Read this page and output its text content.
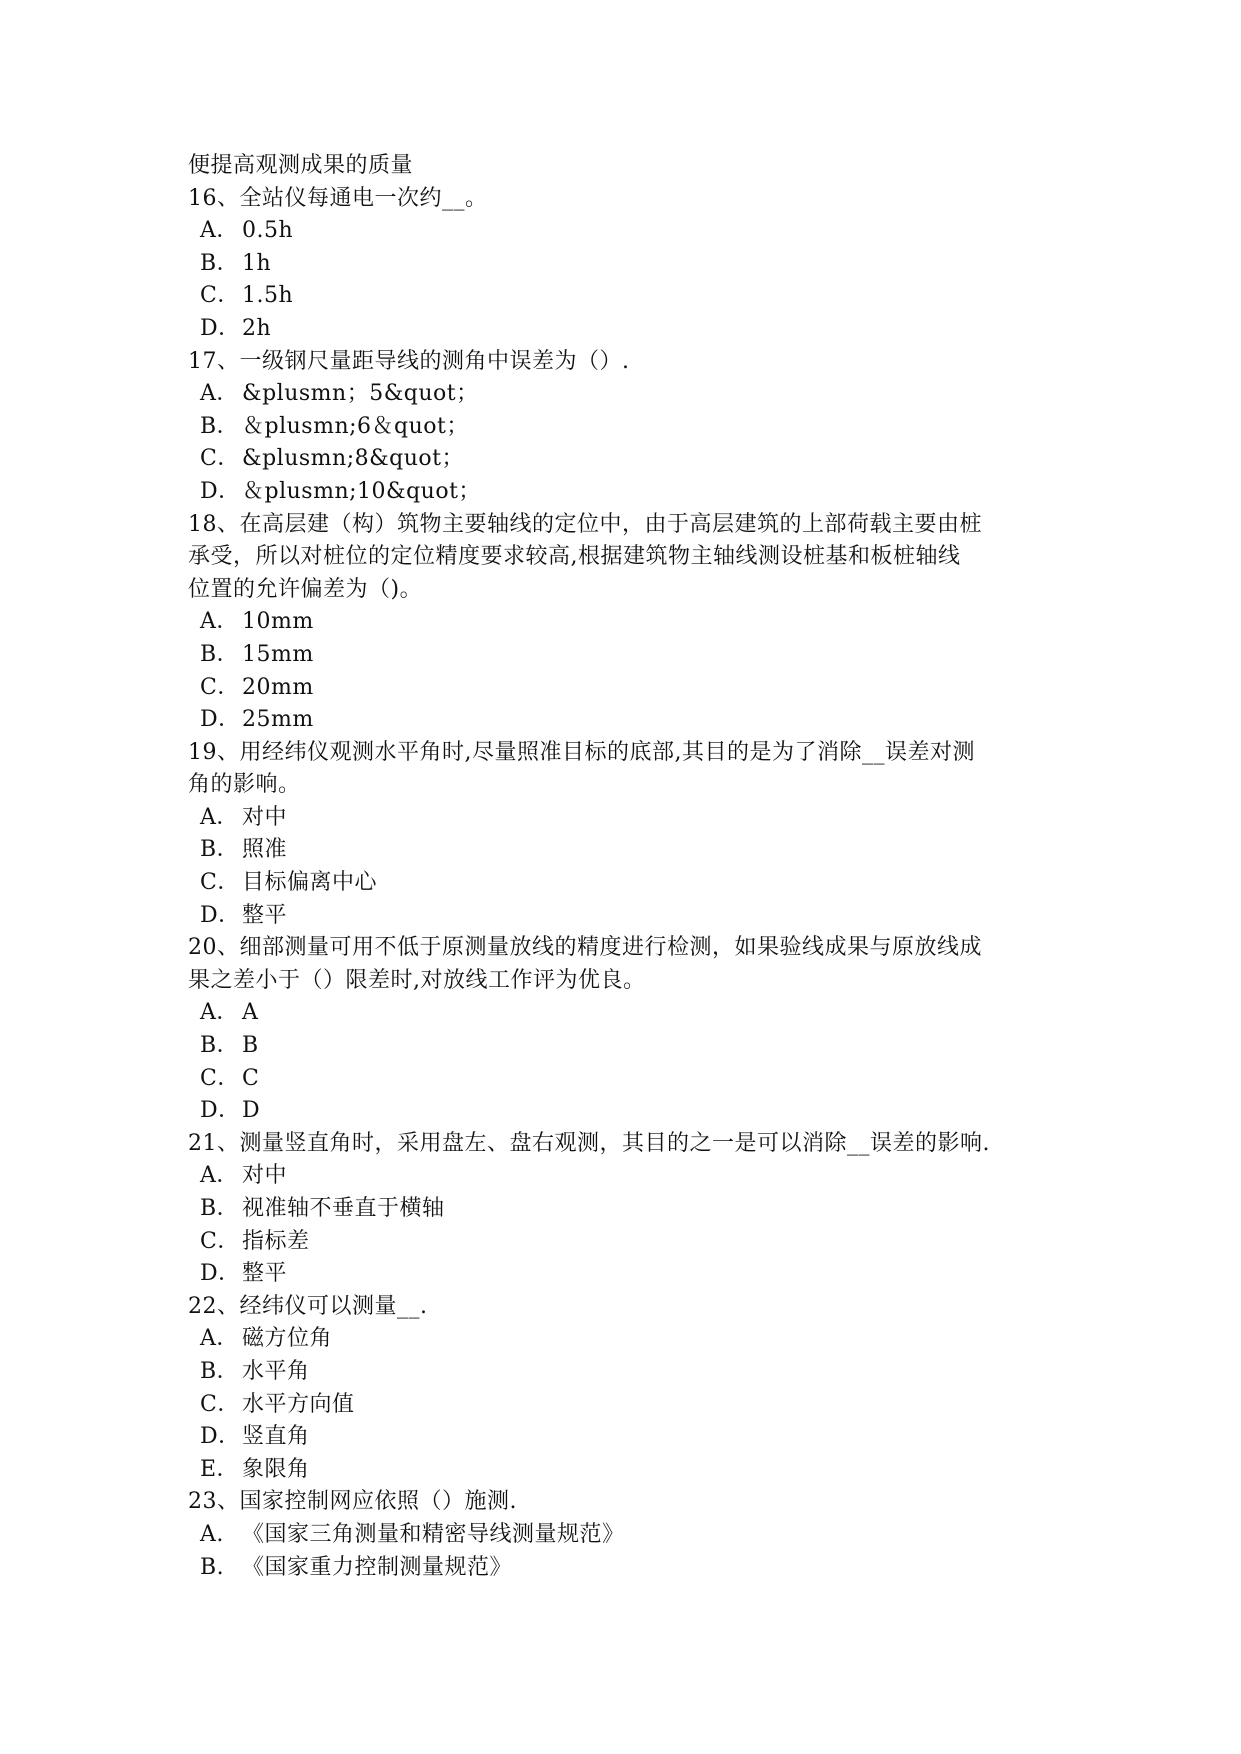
便提高观测成果的质量
16、全站仪每通电一次约__。
A． 0.5h
B． 1h
C．1.5h
D．2h
17、一级钢尺量距导线的测角中误差为（）.
A． &plusmn；5&quot；
B． ＆plusmn;6＆quot；
C．&plusmn;8&quot；
D．＆plusmn;10&quot；
18、在高层建（构）筑物主要轴线的定位中，由于高层建筑的上部荷载主要由桩
承受，所以对桩位的定位精度要求较高,根据建筑物主轴线测设桩基和板桩轴线
位置的允许偏差为（)。
A． 10mm
B． 15mm
C．20mm
D．25mm
19、用经纬仪观测水平角时,尽量照准目标的底部,其目的是为了消除__误差对测
角的影响。
A． 对中
B． 照准
C．目标偏离中心
D．整平
20、细部测量可用不低于原测量放线的精度进行检测，如果验线成果与原放线成
果之差小于（）限差时,对放线工作评为优良。
A． A
B． B
C．C
D．D
21、测量竖直角时，采用盘左、盘右观测，其目的之一是可以消除__误差的影响.
A． 对中
B． 视准轴不垂直于横轴
C．指标差
D．整平
22、经纬仪可以测量__.
A． 磁方位角
B． 水平角
C．水平方向值
D．竖直角
E． 象限角
23、国家控制网应依照（）施测.
A. 《国家三角测量和精密导线测量规范》
B. 《国家重力控制测量规范》
